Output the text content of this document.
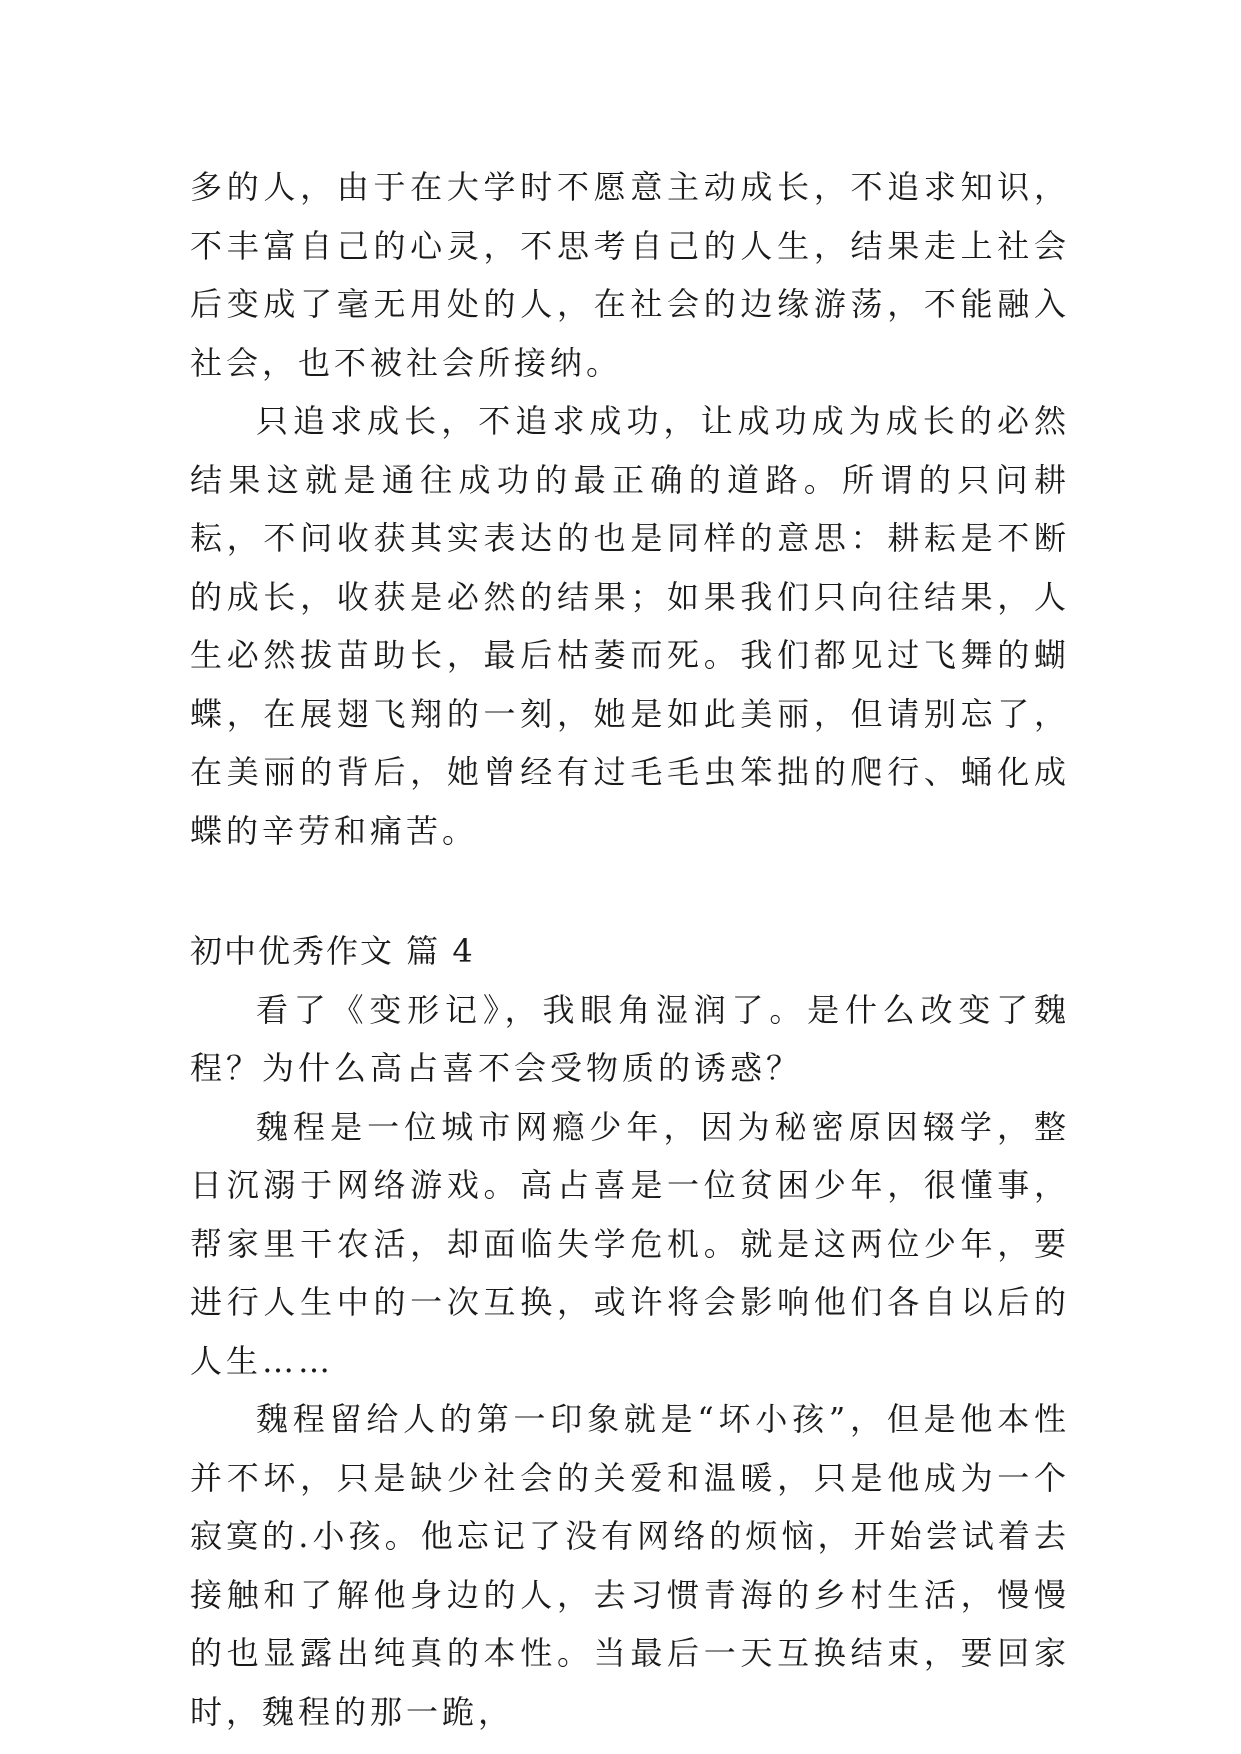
多的人，由于在大学时不愿意主动成长，不追求知识，不丰富自己的心灵，不思考自己的人生，结果走上社会后变成了毫无用处的人，在社会的边缘游荡，不能融入社会，也不被社会所接纳。

只追求成长，不追求成功，让成功成为成长的必然结果这就是通往成功的最正确的道路。所谓的只问耕耘，不问收获其实表达的也是同样的意思：耕耘是不断的成长，收获是必然的结果；如果我们只向往结果，人生必然拔苗助长，最后枯萎而死。我们都见过飞舞的蝴蝶，在展翅飞翔的一刻，她是如此美丽，但请别忘了，在美丽的背后，她曾经有过毛毛虫笨拙的爬行、蛹化成蝶的辛劳和痛苦。

初中优秀作文 篇 4

看了《变形记》，我眼角湿润了。是什么改变了魏程？为什么高占喜不会受物质的诱惑？

魏程是一位城市网瘾少年，因为秘密原因辍学，整日沉溺于网络游戏。高占喜是一位贫困少年，很懂事，帮家里干农活，却面临失学危机。就是这两位少年，要进行人生中的一次互换，或许将会影响他们各自以后的人生……

魏程留给人的第一印象就是“坏小孩”，但是他本性并不坏，只是缺少社会的关爱和温暖，只是他成为一个寂寞的.小孩。他忘记了没有网络的烦恼，开始尝试着去接触和了解他身边的人，去习惯青海的乡村生活，慢慢的也显露出纯真的本性。当最后一天互换结束，要回家时，魏程的那一跪，
